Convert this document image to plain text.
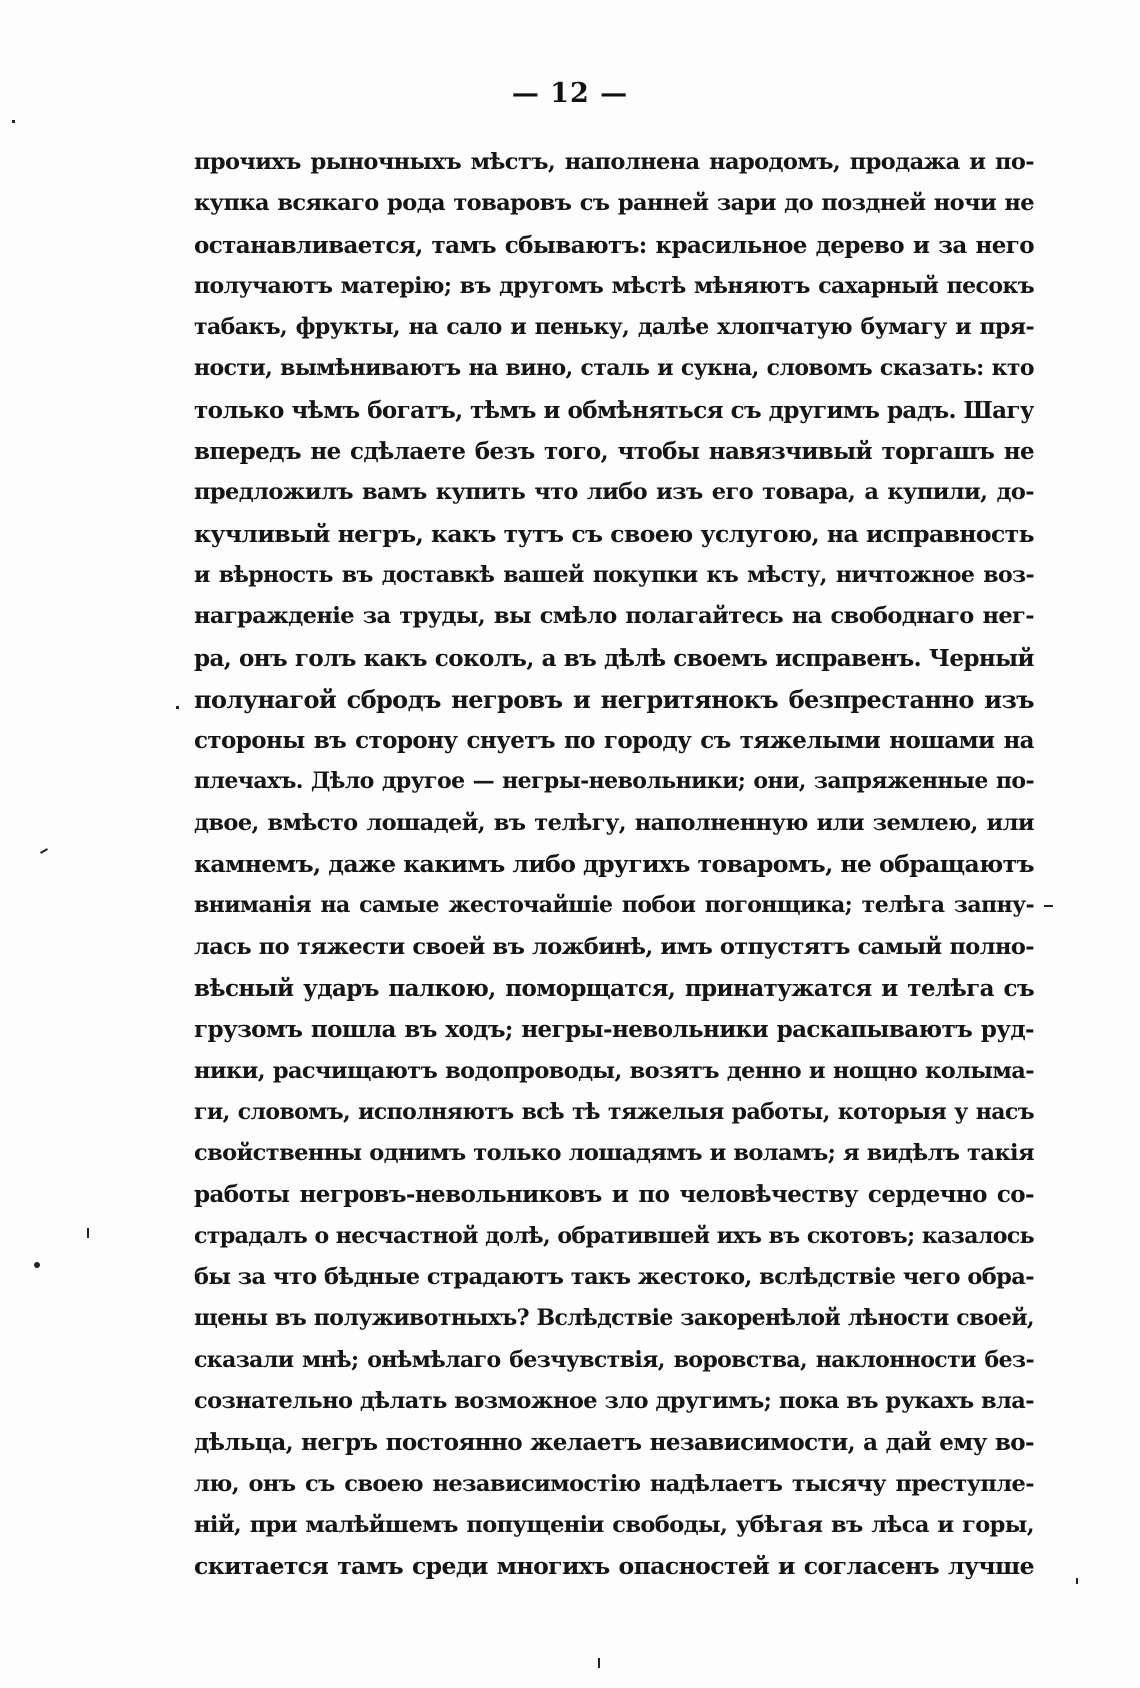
— 12 —
прочихъ рыночныхъ мѣстъ, наполнена народомъ, продажа и по-
купка всякаго рода товаровъ съ ранней зари до поздней ночи не
останавливается, тамъ сбываютъ: красильное дерево и за него
получаютъ матерію; въ другомъ мѣстѣ мѣняютъ сахарный песокъ
табакъ, фрукты, на сало и пеньку, далѣе хлопчатую бумагу и пря-
ности, вымѣниваютъ на вино, сталь и сукна, словомъ сказать: кто
только чѣмъ богатъ, тѣмъ и обмѣняться съ другимъ радъ. Шагу
впередъ не сдѣлаете безъ того, чтобы навязчивый торгашъ не
предложилъ вамъ купить что либо изъ его товара, а купили, до-
кучливый негръ, какъ тутъ съ своею услугою, на исправность
и вѣрность въ доставкѣ вашей покупки къ мѣсту, ничтожное воз-
награжденіе за труды, вы смѣло полагайтесь на свободнаго нег-
ра, онъ голъ какъ соколъ, а въ дѣлѣ своемъ исправенъ. Черный
полунагой сбродъ негровъ и негритянокъ безпрестанно изъ
стороны въ сторону снуетъ по городу съ тяжелыми ношами на
плечахъ. Дѣло другое — негры-невольники; они, запряженные по-
двое, вмѣсто лошадей, въ телѣгу, наполненную или землею, или
камнемъ, даже какимъ либо другихъ товаромъ, не обращаютъ
вниманія на самые жесточайшіе побои погонщика; телѣга запну-
лась по тяжести своей въ ложбинѣ, имъ отпустятъ самый полно-
вѣсный ударъ палкою, поморщатся, принатужатся и телѣга съ
грузомъ пошла въ ходъ; негры-невольники раскапываютъ руд-
ники, расчищаютъ водопроводы, возятъ денно и нощно колыма-
ги, словомъ, исполняютъ всѣ тѣ тяжелыя работы, которыя у насъ
свойственны однимъ только лошадямъ и воламъ; я видѣлъ такія
работы негровъ-невольниковъ и по человѣчеству сердечно со-
страдалъ о несчастной долѣ, обратившей ихъ въ скотовъ; казалось
бы за что бѣдные страдаютъ такъ жестоко, вслѣдствіе чего обра-
щены въ полуживотныхъ? Вслѣдствіе закоренѣлой лѣности своей,
сказали мнѣ; онѣмѣлаго безчувствія, воровства, наклонности без-
сознательно дѣлать возможное зло другимъ; пока въ рукахъ вла-
дѣльца, негръ постоянно желаетъ независимости, а дай ему во-
лю, онъ съ своею независимостію надѣлаетъ тысячу преступле-
ній, при малѣйшемъ попущеніи свободы, убѣгая въ лѣса и горы,
скитается тамъ среди многихъ опасностей и согласенъ лучше
